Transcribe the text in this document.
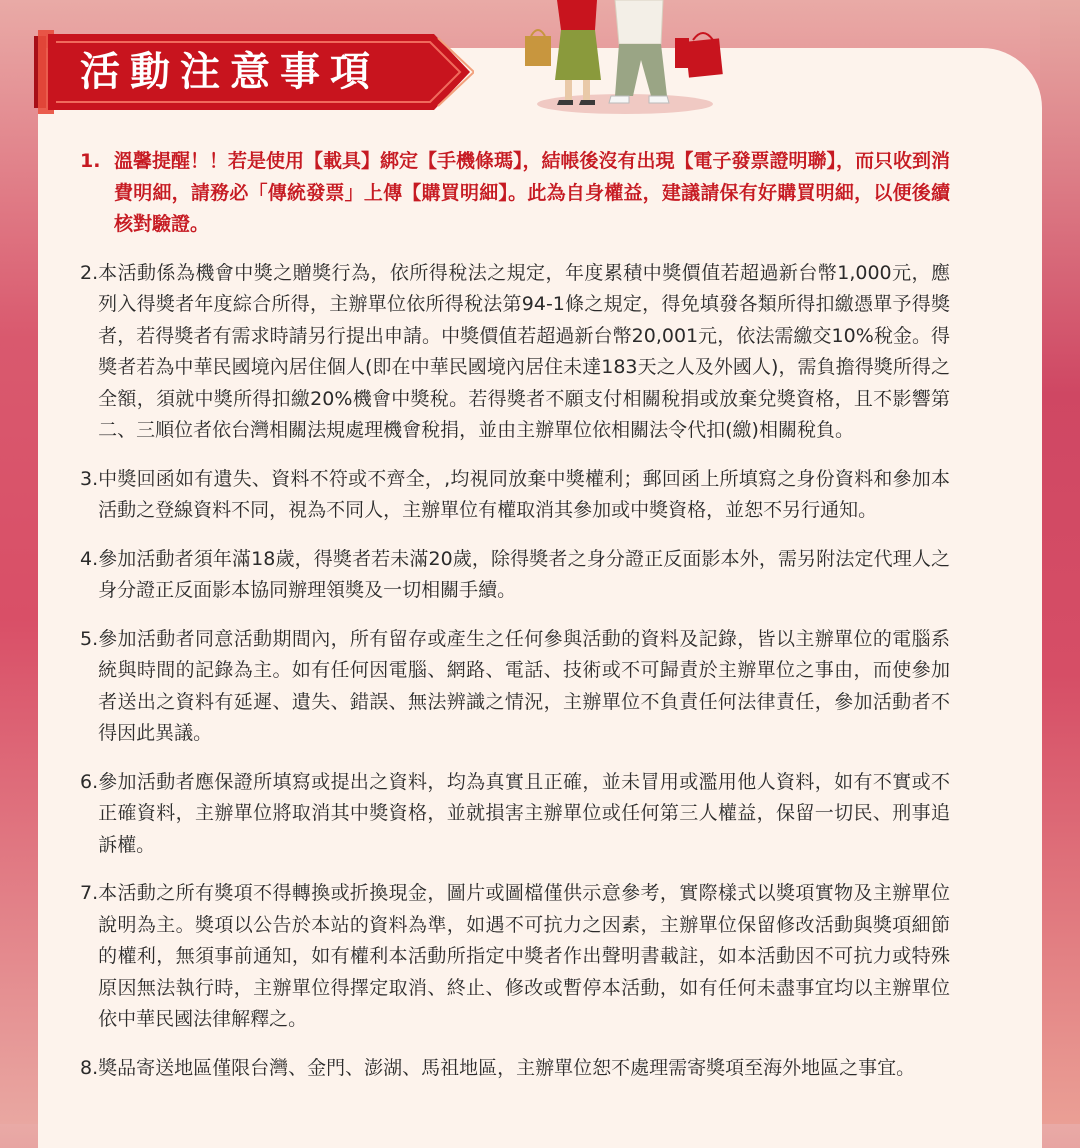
活動注意事項
1. 溫馨提醒！！若是使用【載具】綁定【手機條瑪】，結帳後沒有出現【電子發票證明聯】，而只收到消費明細，請務必「傳統發票」上傳【購買明細】。此為自身權益，建議請保有好購買明細，以便後續核對驗證。
2. 本活動係為機會中獎之贈獎行為，依所得稅法之規定，年度累積中獎價值若超過新台幣1,000元，應列入得獎者年度綜合所得，主辦單位依所得稅法第94-1條之規定，得免填發各類所得扣繳憑單予得獎者，若得獎者有需求時請另行提出申請。中獎價值若超過新台幣20,001元，依法需繳交10%稅金。得獎者若為中華民國境內居住個人(即在中華民國境內居住未達183天之人及外國人)，需負擔得獎所得之全額，須就中獎所得扣繳20%機會中獎稅。若得獎者不願支付相關稅捐或放棄兌獎資格，且不影響第二、三順位者依台灣相關法規處理機會稅捐，並由主辦單位依相關法令代扣(繳)相關稅負。
3. 中獎回函如有遺失、資料不符或不齊全，,均視同放棄中獎權利；郵回函上所填寫之身份資料和參加本活動之登線資料不同，視為不同人，主辦單位有權取消其參加或中獎資格，並恕不另行通知。
4. 參加活動者須年滿18歲，得獎者若未滿20歲，除得獎者之身分證正反面影本外，需另附法定代理人之身分證正反面影本協同辦理領獎及一切相關手續。
5. 參加活動者同意活動期間內，所有留存或產生之任何參與活動的資料及記錄，皆以主辦單位的電腦系統與時間的記錄為主。如有任何因電腦、網路、電話、技術或不可歸責於主辦單位之事由，而使參加者送出之資料有延遲、遺失、錯誤、無法辨識之情況，主辦單位不負責任何法律責任，參加活動者不得因此異議。
6. 參加活動者應保證所填寫或提出之資料，均為真實且正確，並未冒用或濫用他人資料，如有不實或不正確資料，主辦單位將取消其中獎資格，並就損害主辦單位或任何第三人權益，保留一切民、刑事追訴權。
7. 本活動之所有獎項不得轉換或折換現金，圖片或圖檔僅供示意參考，實際樣式以獎項實物及主辦單位說明為主。獎項以公告於本站的資料為準，如遇不可抗力之因素，主辦單位保留修改活動與獎項細節的權利，無須事前通知，如有權利本活動所指定中獎者作出聲明書載註，如本活動因不可抗力或特殊原因無法執行時，主辦單位得擇定取消、終止、修改或暫停本活動，如有任何未盡事宜均以主辦單位依中華民國法律解釋之。
8. 獎品寄送地區僅限台灣、金門、澎湖、馬祖地區，主辦單位恕不處理需寄獎項至海外地區之事宜。
